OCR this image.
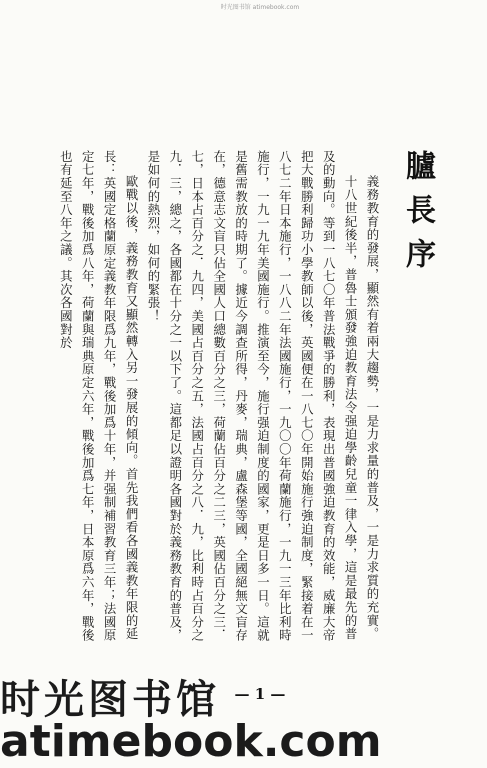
时光图书馆 atimebook.com
臚長序

義務教育的發展，顯然有着兩大趨勢，一是力求量的普及，一是力求質的充實。

十八世紀後半，普魯士頒發強迫教育法令强迫學齡兒童一律入學，這是最先的普及的動向。等到一八七〇年普法戰爭的勝利，表現出普國強迫教育的效能，威廉大帝把大戰勝利歸功小學教師以後，英國便在一八七〇年開始施行強迫制度，緊接着在一八七二年日本施行，一八八二年法國施行，一九〇〇年荷蘭施行，一九一三年比利時施行，一九一九年美國施行。推演至今，施行强迫制度的國家，更是日多一日。這就是舊需教放的時期了。據近今調查所得，丹麥，瑞典，盧森堡等國，全國絕無文盲存在，德意志文盲只佔全國人口總數百分之三，荷蘭佔百分之二三，英國佔百分之三．七，日本占百分之．九四，美國占百分之五，法國占百分之八．九，比利時占百分之九．三，總之，各國都在十分之一以下了。這都足以證明各國對於義務教育的普及，是如何的熱烈，如何的緊張！

歐戰以後，義務教育又顯然轉入另一發展的傾向。首先我們看各國義教年限的延長：英國定格蘭原定義教年限爲九年，戰後加爲十年，并强制補習教育三年；法國原定七年，戰後加爲八年，荷蘭與瑞典原定六年，戰後加爲七年，日本原爲六年，戰後也有延至八年之議。其次各國對於

— 1 —
时光图书馆
atimebook.com
